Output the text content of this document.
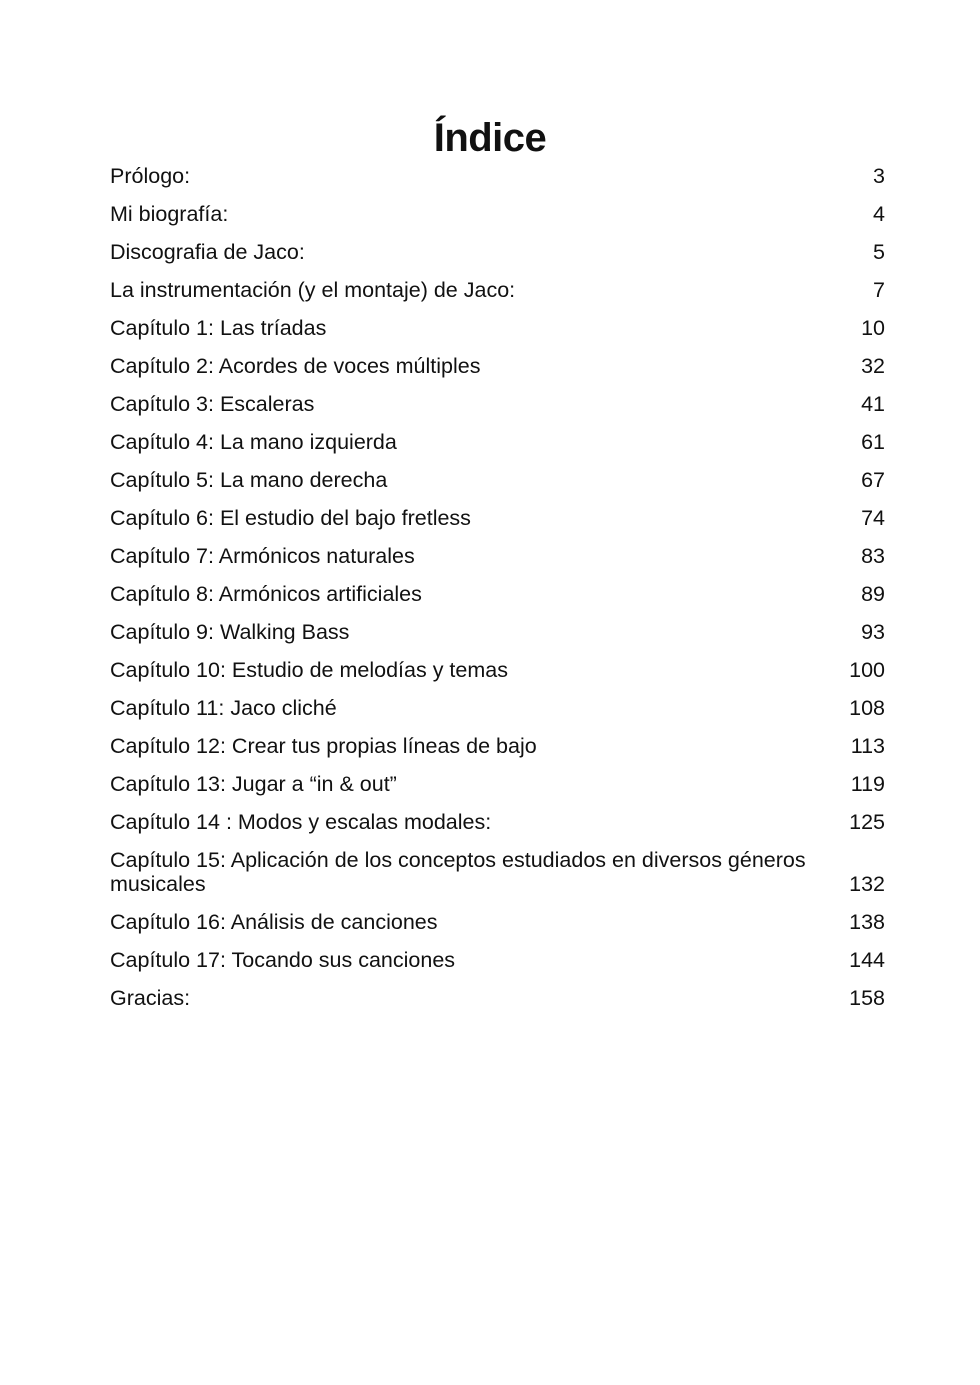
Índice
Prólogo:	3
Mi biografía:	4
Discografia de Jaco:	5
La instrumentación (y el montaje) de Jaco:	7
Capítulo 1: Las tríadas	10
Capítulo 2: Acordes de voces múltiples	32
Capítulo 3: Escaleras	41
Capítulo 4: La mano izquierda	61
Capítulo 5: La mano derecha	67
Capítulo 6: El estudio del bajo fretless	74
Capítulo 7: Armónicos naturales	83
Capítulo 8: Armónicos artificiales	89
Capítulo 9: Walking Bass	93
Capítulo 10: Estudio de melodías y temas	100
Capítulo 11: Jaco cliché	108
Capítulo 12: Crear tus propias líneas de bajo	113
Capítulo 13: Jugar a “in & out”	119
Capítulo 14 : Modos y escalas modales:	125
Capítulo 15: Aplicación de los conceptos estudiados en diversos géneros musicales	132
Capítulo 16: Análisis de canciones	138
Capítulo 17: Tocando sus canciones	144
Gracias:	158
